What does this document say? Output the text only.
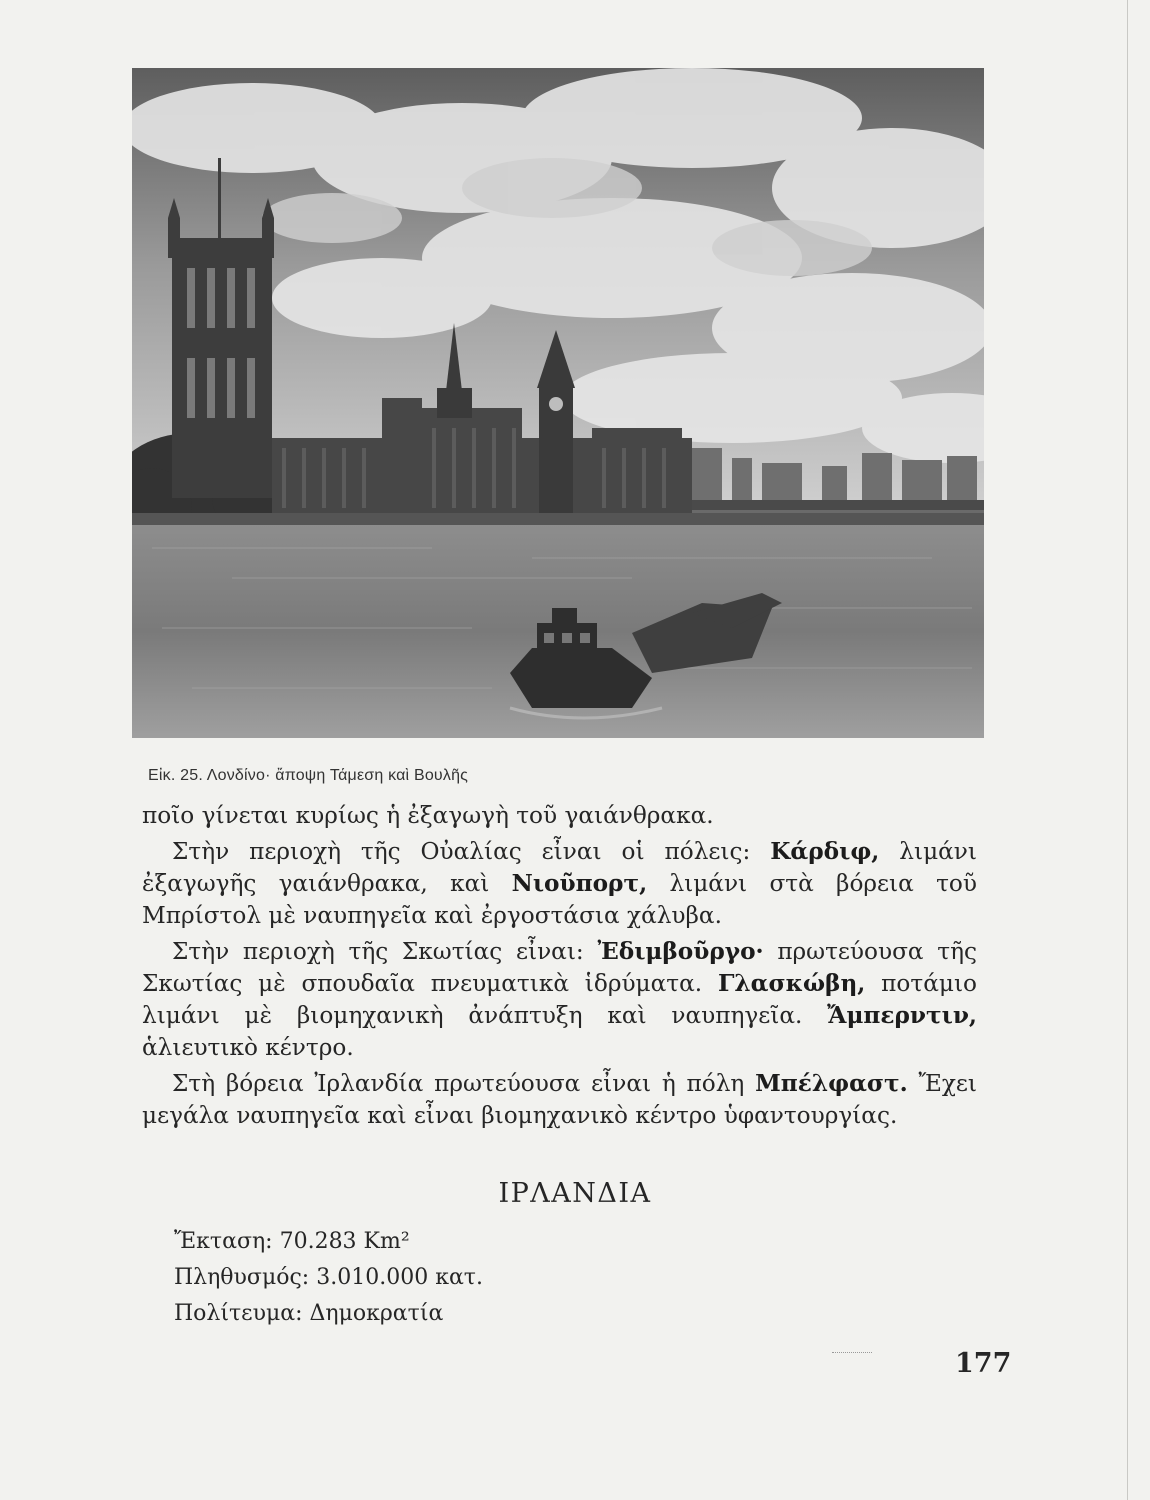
Εἰκ. 25. Λονδίνο· ἄποψη Τάμεση καὶ Βουλῆς

ποῖο γίνεται κυρίως ἡ ἐξαγωγὴ τοῦ γαιάνθρακα.

Στὴν περιοχὴ τῆς Οὐαλίας εἶναι οἱ πόλεις: Κάρδιφ, λιμάνι ἐξαγωγῆς γαιάνθρακα, καὶ Νιοῦπορτ, λιμάνι στὰ βόρεια τοῦ Μπρίστολ μὲ ναυπηγεῖα καὶ ἐργοστάσια χάλυβα.

Στὴν περιοχὴ τῆς Σκωτίας εἶναι: Ἐδιμβοῦργο· πρωτεύουσα τῆς Σκωτίας μὲ σπουδαῖα πνευματικὰ ἱδρύματα. Γλασκώβη, ποτάμιο λιμάνι μὲ βιομηχανικὴ ἀνάπτυξη καὶ ναυπηγεῖα. Ἄμπερντιν, ἁλιευτικὸ κέντρο.

Στὴ βόρεια Ἰρλανδία πρωτεύουσα εἶναι ἡ πόλη Μπέλφαστ. Ἔχει μεγάλα ναυπηγεῖα καὶ εἶναι βιομηχανικὸ κέντρο ὑφαντουργίας.

ΙΡΛΑΝΔΙΑ
Ἔκταση: 70.283 Km²
Πληθυσμός: 3.010.000 κατ.
Πολίτευμα: Δημοκρατία
177
